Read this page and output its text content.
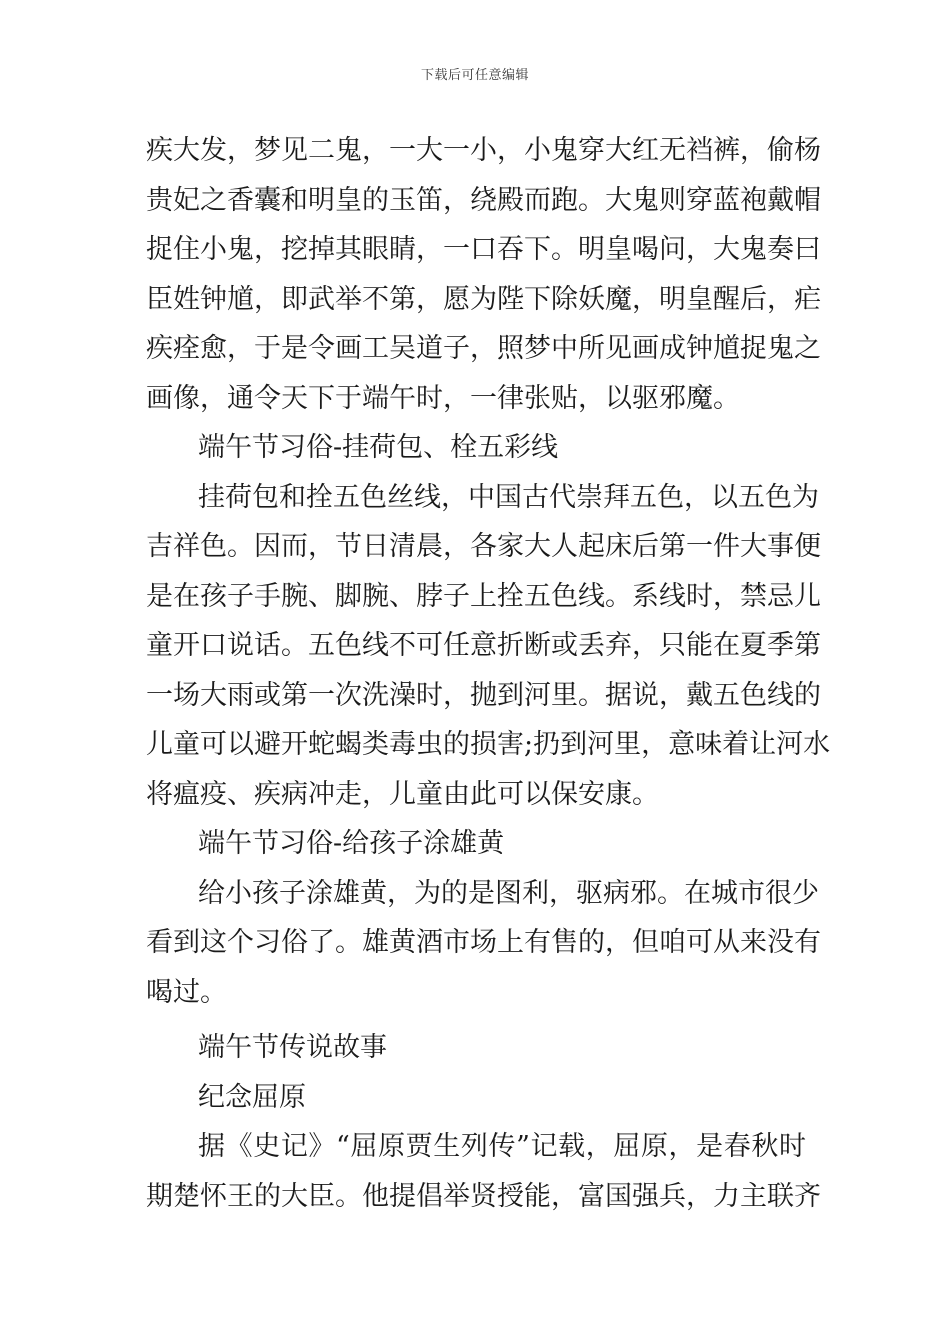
下载后可任意编辑
疾大发，梦见二鬼，一大一小，小鬼穿大红无裆裤，偷杨
贵妃之香囊和明皇的玉笛，绕殿而跑。大鬼则穿蓝袍戴帽
捉住小鬼，挖掉其眼睛，一口吞下。明皇喝问，大鬼奏曰
臣姓钟馗，即武举不第，愿为陛下除妖魔，明皇醒后，疟
疾痊愈，于是令画工吴道子，照梦中所见画成钟馗捉鬼之
画像，通令天下于端午时，一律张贴，以驱邪魔。
端午节习俗-挂荷包、栓五彩线
挂荷包和拴五色丝线，中国古代崇拜五色，以五色为
吉祥色。因而，节日清晨，各家大人起床后第一件大事便
是在孩子手腕、脚腕、脖子上拴五色线。系线时，禁忌儿
童开口说话。五色线不可任意折断或丢弃，只能在夏季第
一场大雨或第一次洗澡时，抛到河里。据说，戴五色线的
儿童可以避开蛇蝎类毒虫的损害;扔到河里，意味着让河水
将瘟疫、疾病冲走，儿童由此可以保安康。
端午节习俗-给孩子涂雄黄
给小孩子涂雄黄，为的是图利，驱病邪。在城市很少
看到这个习俗了。雄黄酒市场上有售的，但咱可从来没有
喝过。
端午节传说故事
纪念屈原
据《史记》“屈原贾生列传”记载，屈原，是春秋时
期楚怀王的大臣。他提倡举贤授能，富国强兵，力主联齐
